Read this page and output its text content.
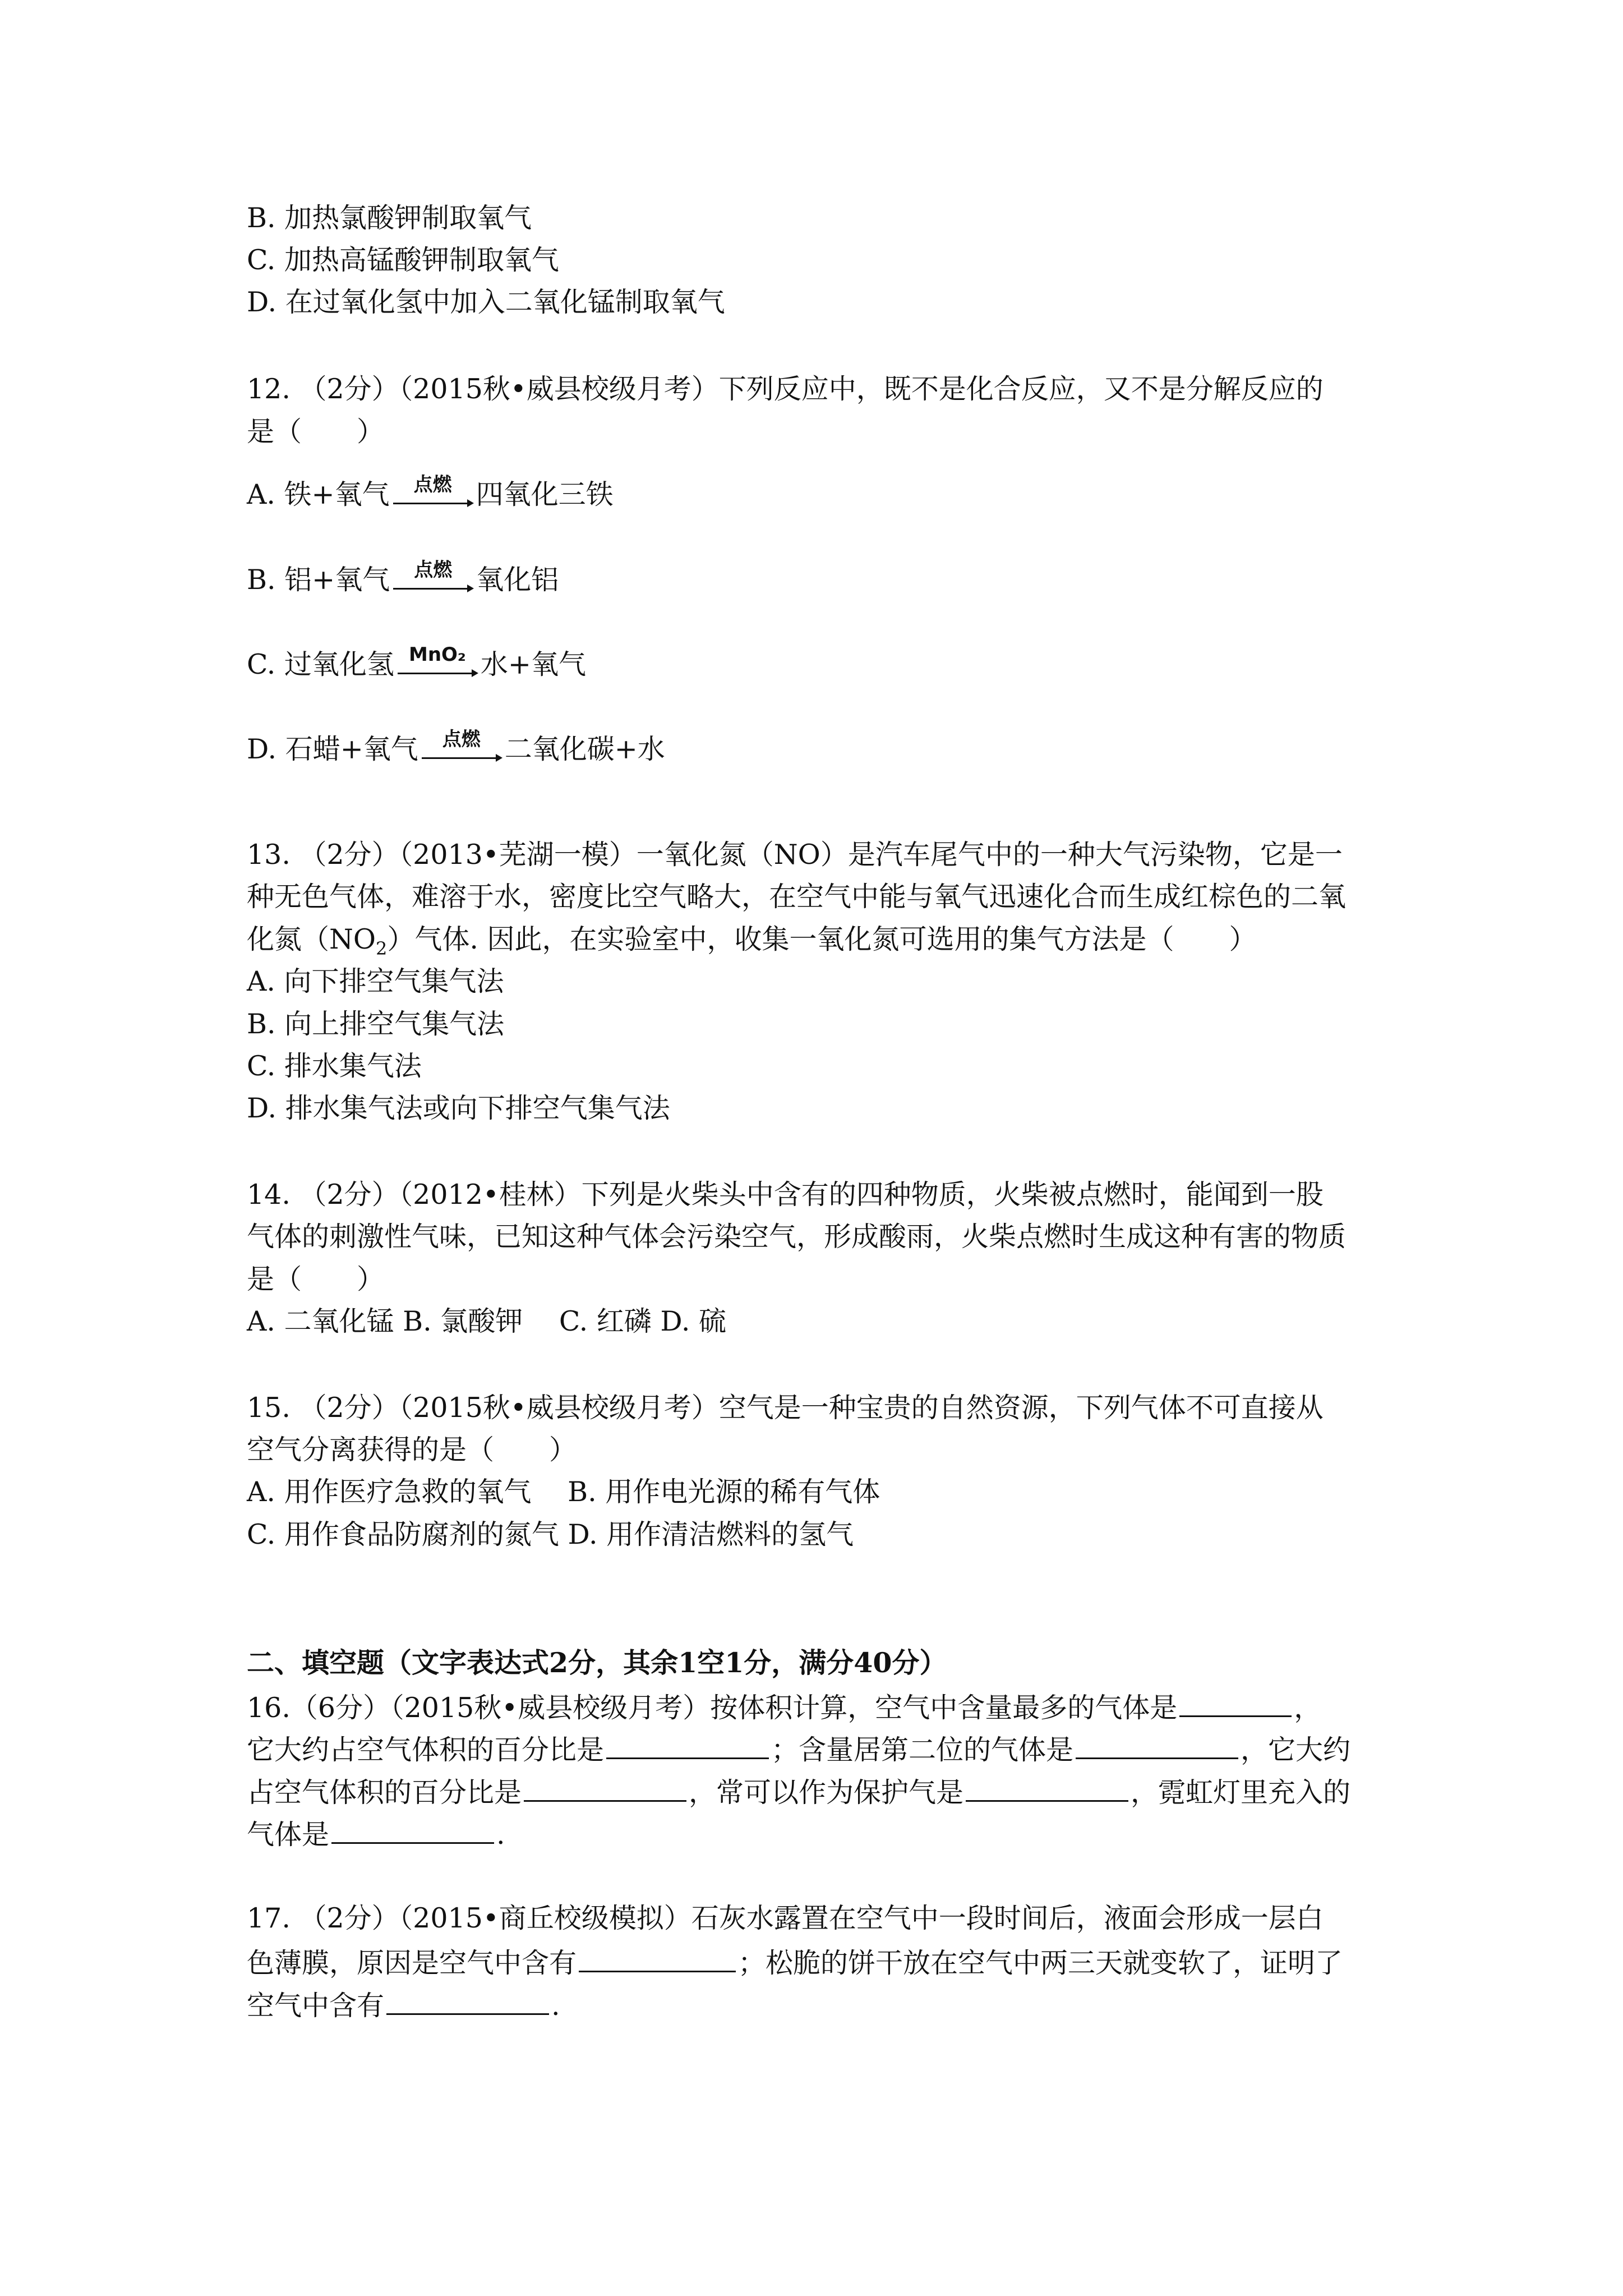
B. 加热氯酸钾制取氧气
C. 加热高锰酸钾制取氧气
D. 在过氧化氢中加入二氧化锰制取氧气
12. （2分）（2015秋•威县校级月考）下列反应中，既不是化合反应，又不是分解反应的
是（　　）
A. 铁+氧气	点燃 四氧化三铁
B. 铝+氧气	点燃 氧化铝
C. 过氧化氢 MnO₂ 水+氧气
D. 石蜡+氧气	点燃 二氧化碳+水
13. （2分）（2013•芜湖一模）一氧化氮（NO）是汽车尾气中的一种大气污染物，它是一
种无色气体，难溶于水，密度比空气略大，在空气中能与氧气迅速化合而生成红棕色的二氧
化氮$(NO_2)$气体. 因此，在实验室中，收集一氧化氮可选用的集气方法是（　　）
A. 向下排空气集气法
B. 向上排空气集气法
C. 排水集气法
D. 排水集气法或向下排空气集气法
14. （2分）（2012•桂林）下列是火柴头中含有的四种物质，火柴被点燃时，能闻到一股
气体的刺激性气味，已知这种气体会污染空气，形成酸雨，火柴点燃时生成这种有害的物质
是（　　）
A. 二氧化锰 B. 氯酸钾　 C. 红磷 D. 硫
15. （2分）（2015秋•威县校级月考）空气是一种宝贵的自然资源，下列气体不可直接从
空气分离获得的是（　　）
A. 用作医疗急救的氧气　 B. 用作电光源的稀有气体
C. 用作食品防腐剂的氮气 D. 用作清洁燃料的氢气
二、填空题（文字表达式2分，其余1空1分，满分40分）
16.（6分）（2015秋•威县校级月考）按体积计算，空气中含量最多的气体是	，
它大约占空气体积的百分比是	；含量居第二位的气体是	，它大约
占空气体积的百分比是	，常可以作为保护气是	，霓虹灯里充入的
气体是	.
17. （2分）（2015•商丘校级模拟）石灰水露置在空气中一段时间后，液面会形成一层白
色薄膜，原因是空气中含有	；松脆的饼干放在空气中两三天就变软了，证明了
空气中含有	.
